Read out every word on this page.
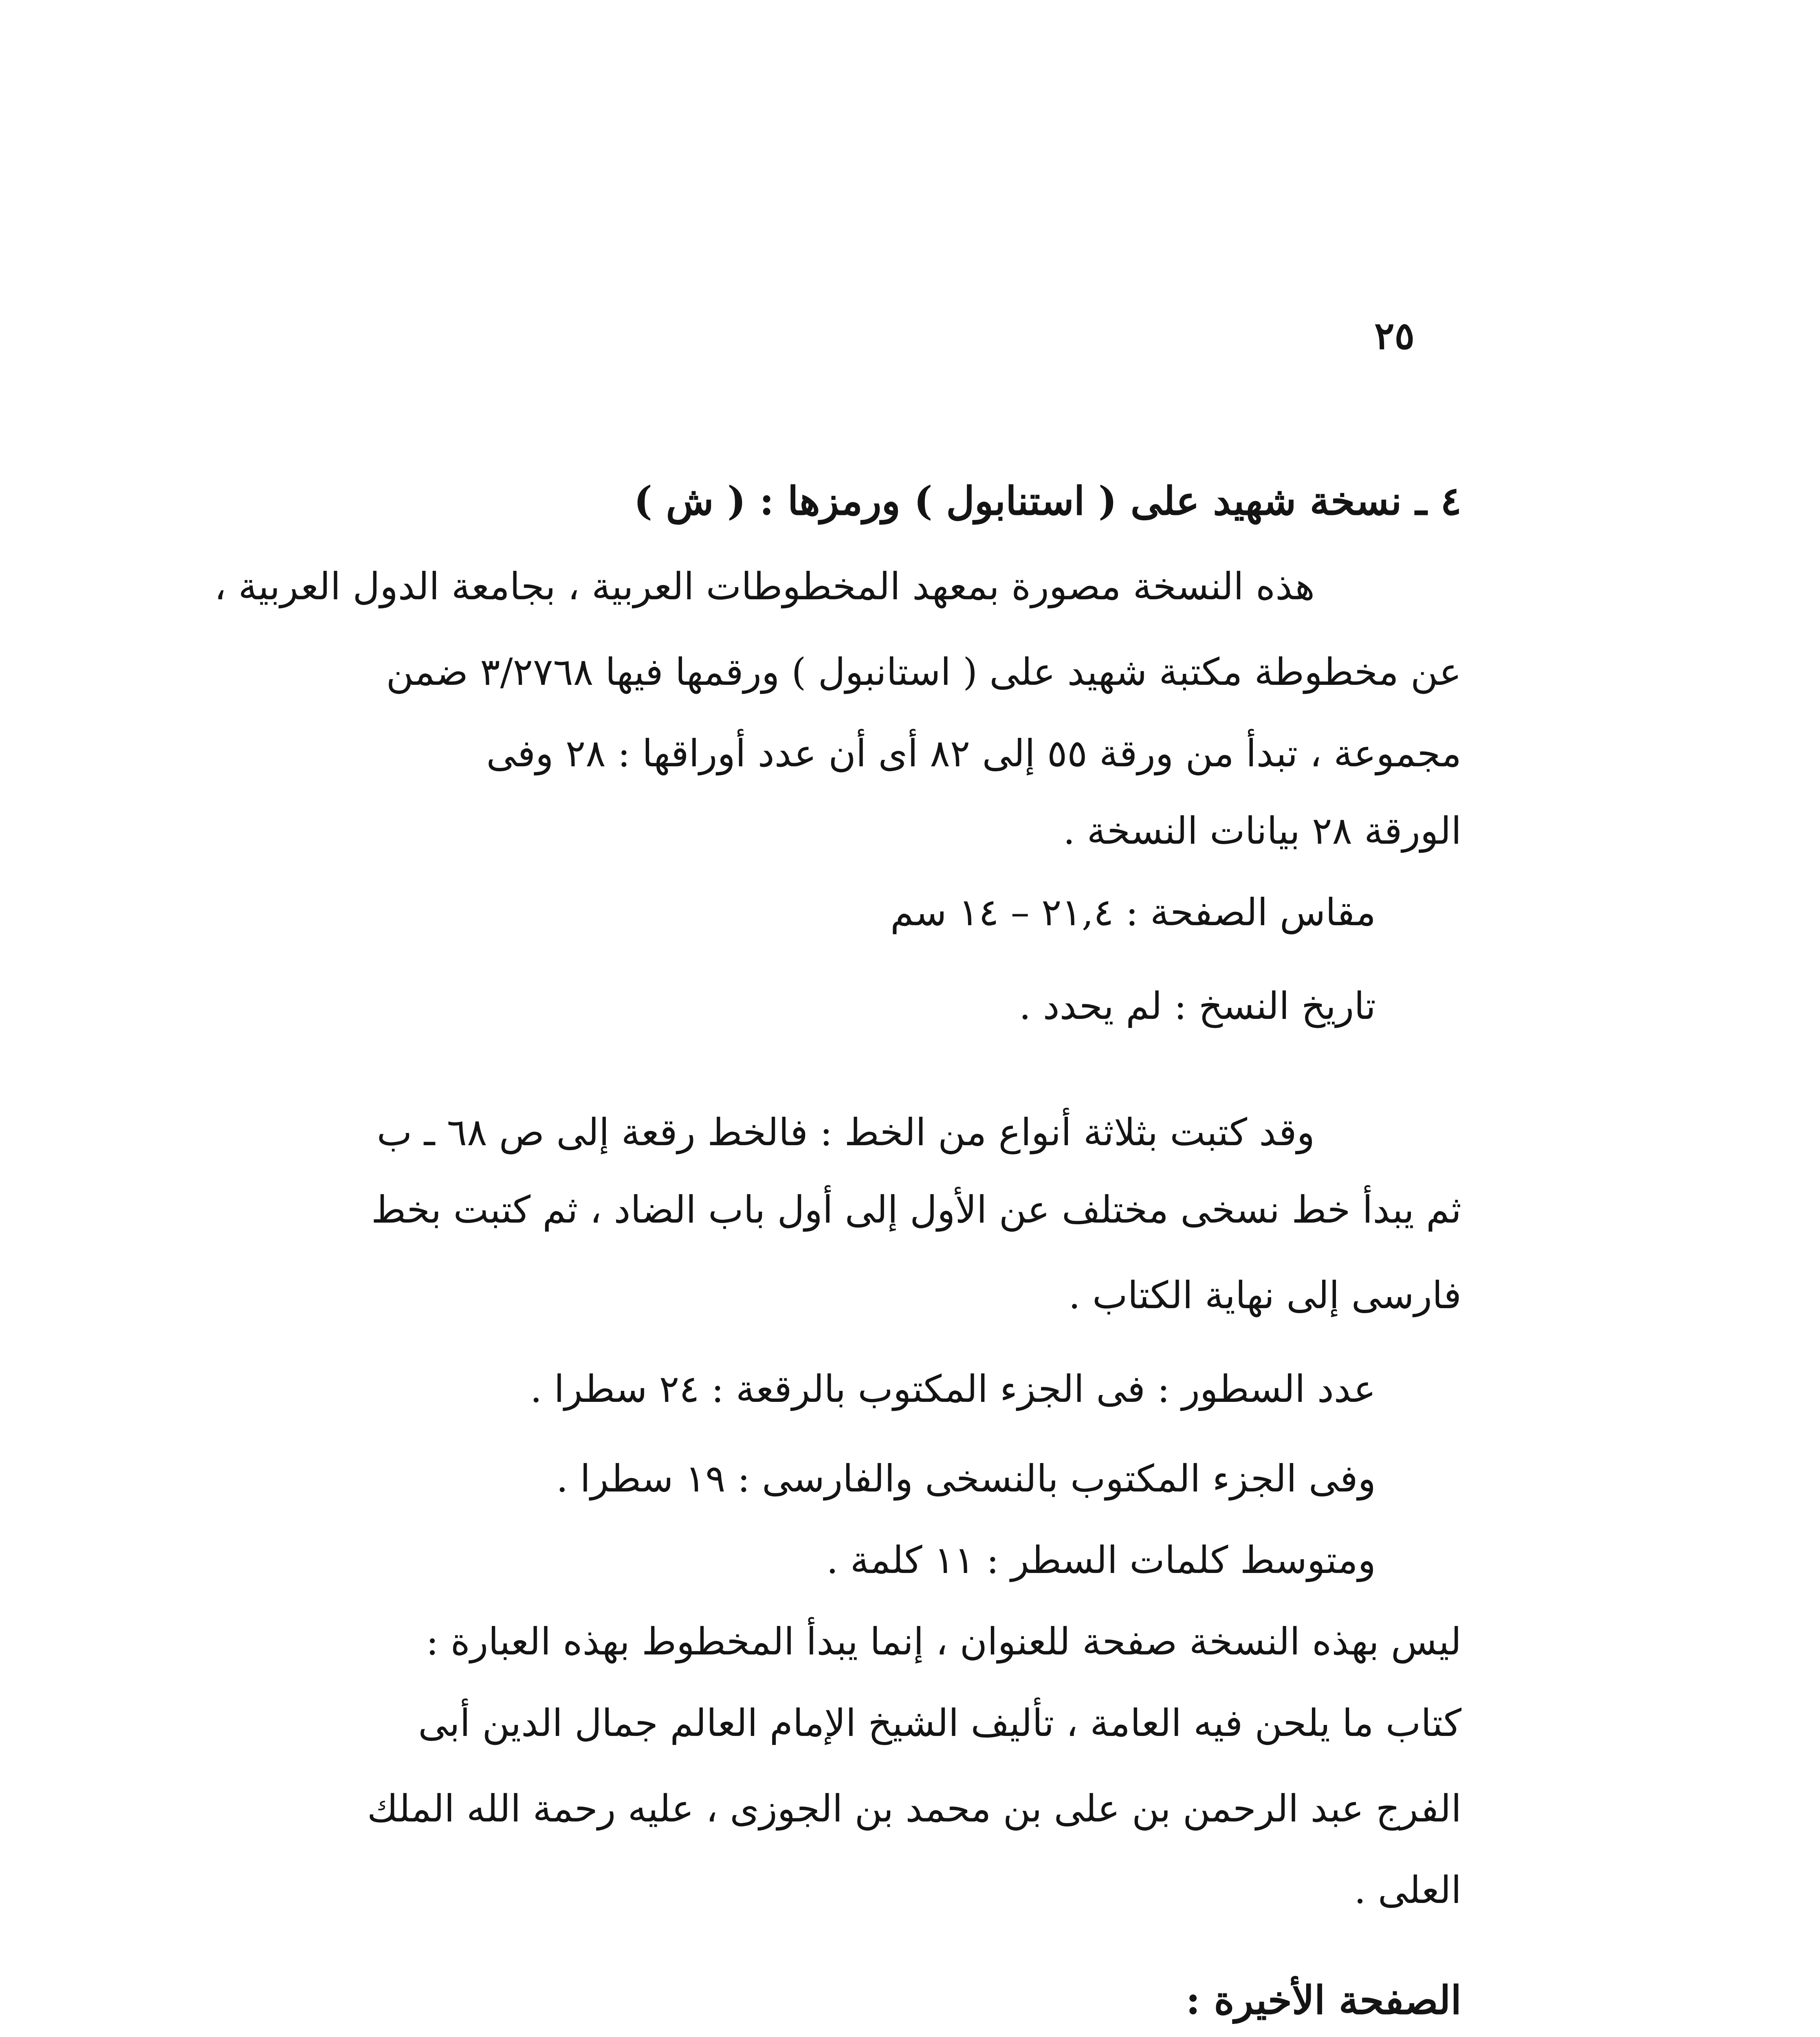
٢٥
٤ ـ نسخة شهيد على ( استنابول ) ورمزها : ( ش )
هذه النسخة مصورة بمعهد المخطوطات العربية ، بجامعة الدول العربية ،
عن مخطوطة مكتبة شهيد على ( استانبول ) ورقمها فيها ٣/٢٧٦٨ ضمن
مجموعة ، تبدأ من ورقة ٥٥ إلى ٨٢ أى أن عدد أوراقها : ٢٨ وفى
الورقة ٢٨ بيانات النسخة .
مقاس الصفحة : ٢١,٤ – ١٤ سم
تاريخ النسخ : لم يحدد .
وقد كتبت بثلاثة أنواع من الخط : فالخط رقعة إلى ص ٦٨ ـ ب
ثم يبدأ خط نسخى مختلف عن الأول إلى أول باب الضاد ، ثم كتبت بخط
فارسى إلى نهاية الكتاب .
عدد السطور : فى الجزء المكتوب بالرقعة : ٢٤ سطرا .
وفى الجزء المكتوب بالنسخى والفارسى : ١٩ سطرا .
ومتوسط كلمات السطر : ١١ كلمة .
ليس بهذه النسخة صفحة للعنوان ، إنما يبدأ المخطوط بهذه العبارة :
كتاب ما يلحن فيه العامة ، تأليف الشيخ الإمام العالم جمال الدين أبى
الفرج عبد الرحمن بن على بن محمد بن الجوزى ، عليه رحمة الله الملك
العلى .
الصفحة الأخيرة :
